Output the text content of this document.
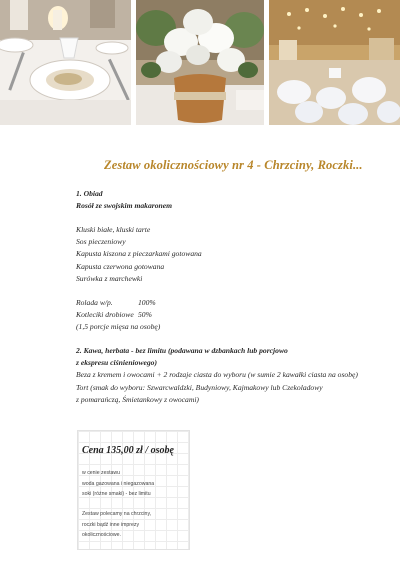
Zestaw okolicznościowy nr 4 - Chrzciny, Roczki...
1. Obiad
Rosół ze swojskim makaronem
Kluski białe, kluski tarte
Sos pieczeniowy
Kapusta kiszona z pieczarkami gotowana
Kapusta czerwona gotowana
Surówka z marchewki
Rolada w/p.	100%
Kotleciki drobiowe 50%
(1,5 porcje mięsa na osobę)
2. Kawa, herbata - bez limitu (podawana w dzbankach lub porcjowo
z ekspresu ciśnieniowego)
Beza z kremem i owocami + 2 rodzaje ciasta do wyboru (w sumie 2 kawałki ciasta na osobę)
Tort (smak do wyboru: Szwarcwaldzki, Budyniowy, Kajmakowy lub Czekoladowy
z pomarańczą, Śmietankowy z owocami)
Cena 135,00 zł / osobę
w cenie zestawu
woda gazowana i niegazowana
soki (różne smaki) - bez limitu
Zestaw polecamy na chrzciny,
roczki bądź inne imprezy
okolicznościowe.
